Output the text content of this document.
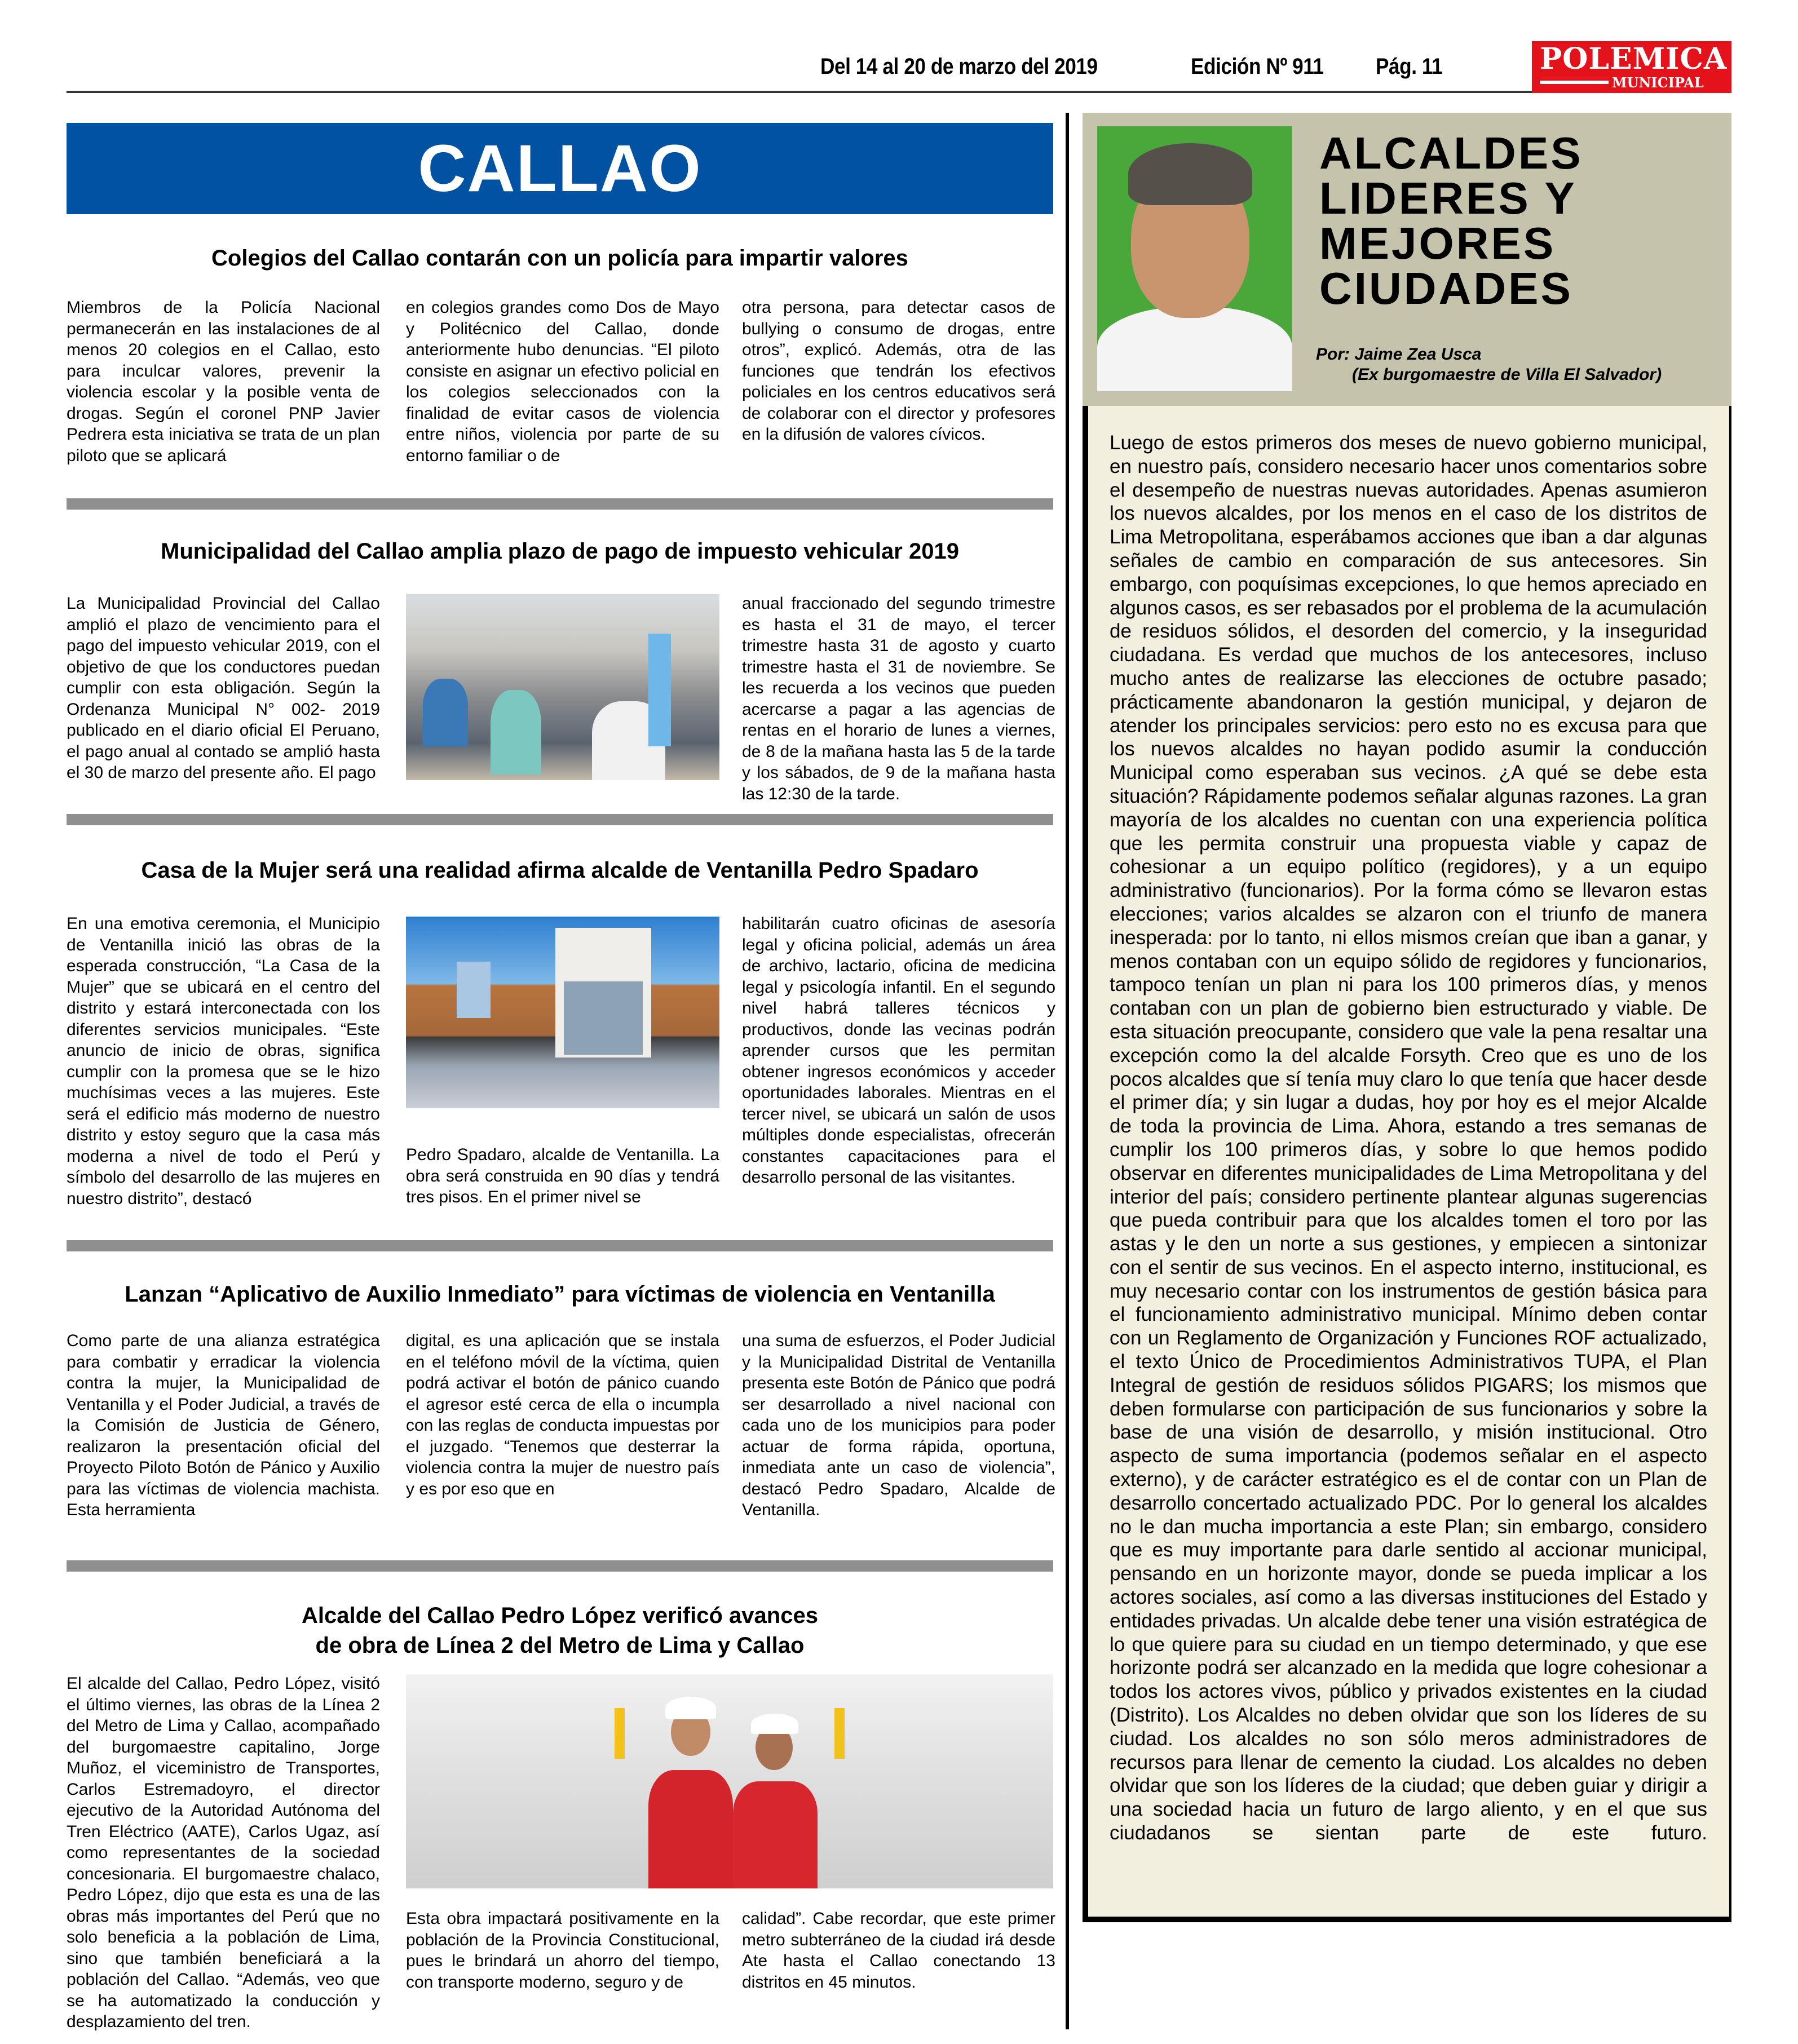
Del 14 al 20 de marzo del 2019	Edición Nº 911 Pág. 11	POLEMICA
MUNICIPAL
CALLAO
Colegios del Callao contarán con un policía para impartir valores
Miembros de la Policía Nacional permanecerán en las instalaciones de al menos 20 colegios en el Callao, esto para inculcar valores, prevenir la violencia escolar y la posible venta de drogas. Según el coronel PNP Javier Pedrera esta iniciativa se trata de un plan piloto que se aplicará
en colegios grandes como Dos de Mayo y Politécnico del Callao, donde anteriormente hubo denuncias. “El piloto consiste en asignar un efectivo policial en los colegios seleccionados con la finalidad de evitar casos de violencia entre niños, violencia por parte de su entorno familiar o de
otra persona, para detectar casos de bullying o consumo de drogas, entre otros”, explicó. Además, otra de las funciones que tendrán los efectivos policiales en los centros educativos será de colaborar con el director y profesores en la difusión de valores cívicos.
Municipalidad del Callao amplia plazo de pago de impuesto vehicular 2019
La Municipalidad Provincial del Callao amplió el plazo de vencimiento para el pago del impuesto vehicular 2019, con el objetivo de que los conductores puedan cumplir con esta obligación. Según la Ordenanza Municipal N° 002- 2019 publicado en el diario oficial El Peruano, el pago anual al contado se amplió hasta el 30 de marzo del presente año. El pago
anual fraccionado del segundo trimestre es hasta el 31 de mayo, el tercer trimestre hasta 31 de agosto y cuarto trimestre hasta el 31 de noviembre. Se les recuerda a los vecinos que pueden acercarse a pagar a las agencias de rentas en el horario de lunes a viernes, de 8 de la mañana hasta las 5 de la tarde y los sábados, de 9 de la mañana hasta las 12:30 de la tarde.
Casa de la Mujer será una realidad afirma alcalde de Ventanilla Pedro Spadaro
En una emotiva ceremonia, el Municipio de Ventanilla inició las obras de la esperada construcción, “La Casa de la Mujer” que se ubicará en el centro del distrito y estará interconectada con los diferentes servicios municipales. “Este anuncio de inicio de obras, significa cumplir con la promesa que se le hizo muchísimas veces a las mujeres. Este será el edificio más moderno de nuestro distrito y estoy seguro que la casa más moderna a nivel de todo el Perú y símbolo del desarrollo de las mujeres en nuestro distrito”, destacó
Pedro Spadaro, alcalde de Ventanilla. La obra será construida en 90 días y tendrá tres pisos. En el primer nivel se
habilitarán cuatro oficinas de asesoría legal y oficina policial, además un área de archivo, lactario, oficina de medicina legal y psicología infantil. En el segundo nivel habrá talleres técnicos y productivos, donde las vecinas podrán aprender cursos que les permitan obtener ingresos económicos y acceder oportunidades laborales. Mientras en el tercer nivel, se ubicará un salón de usos múltiples donde especialistas, ofrecerán constantes capacitaciones para el desarrollo personal de las visitantes.
Lanzan “Aplicativo de Auxilio Inmediato” para víctimas de violencia en Ventanilla
Como parte de una alianza estratégica para combatir y erradicar la violencia contra la mujer, la Municipalidad de Ventanilla y el Poder Judicial, a través de la Comisión de Justicia de Género, realizaron la presentación oficial del Proyecto Piloto Botón de Pánico y Auxilio para las víctimas de violencia machista. Esta herramienta
digital, es una aplicación que se instala en el teléfono móvil de la víctima, quien podrá activar el botón de pánico cuando el agresor esté cerca de ella o incumpla con las reglas de conducta impuestas por el juzgado. “Tenemos que desterrar la violencia contra la mujer de nuestro país y es por eso que en
una suma de esfuerzos, el Poder Judicial y la Municipalidad Distrital de Ventanilla presenta este Botón de Pánico que podrá ser desarrollado a nivel nacional con cada uno de los municipios para poder actuar de forma rápida, oportuna, inmediata ante un caso de violencia”, destacó Pedro Spadaro, Alcalde de Ventanilla.
Alcalde del Callao Pedro López verificó avances
de obra de Línea 2 del Metro de Lima y Callao
El alcalde del Callao, Pedro López, visitó el último viernes, las obras de la Línea 2 del Metro de Lima y Callao, acompañado del burgomaestre capitalino, Jorge Muñoz, el viceministro de Transportes, Carlos Estremadoyro, el director ejecutivo de la Autoridad Autónoma del Tren Eléctrico (AATE), Carlos Ugaz, así como representantes de la sociedad concesionaria. El burgomaestre chalaco, Pedro López, dijo que esta es una de las obras más importantes del Perú que no solo beneficia a la población de Lima, sino que también beneficiará a la población del Callao. “Además, veo que se ha automatizado la conducción y desplazamiento del tren.
Esta obra impactará positivamente en la población de la Provincia Constitucional, pues le brindará un ahorro del tiempo, con transporte moderno, seguro y de
calidad”. Cabe recordar, que este primer metro subterráneo de la ciudad irá desde Ate hasta el Callao conectando 13 distritos en 45 minutos.
ALCALDES
LIDERES Y
MEJORES
CIUDADES
Por: Jaime Zea Usca
(Ex burgomaestre de Villa El Salvador)
Luego de estos primeros dos meses de nuevo gobierno municipal, en nuestro país, considero necesario hacer unos comentarios sobre el desempeño de nuestras nuevas autoridades. Apenas asumieron los nuevos alcaldes, por los menos en el caso de los distritos de Lima Metropolitana, esperábamos acciones que iban a dar algunas señales de cambio en comparación de sus antecesores. Sin embargo, con poquísimas excepciones, lo que hemos apreciado en algunos casos, es ser rebasados por el problema de la acumulación de residuos sólidos, el desorden del comercio, y la inseguridad ciudadana. Es verdad que muchos de los antecesores, incluso mucho antes de realizarse las elecciones de octubre pasado; prácticamente abandonaron la gestión municipal, y dejaron de atender los principales servicios: pero esto no es excusa para que los nuevos alcaldes no hayan podido asumir la conducción Municipal como esperaban sus vecinos. ¿A qué se debe esta situación? Rápidamente podemos señalar algunas razones. La gran mayoría de los alcaldes no cuentan con una experiencia política que les permita construir una propuesta viable y capaz de cohesionar a un equipo político (regidores), y a un equipo administrativo (funcionarios). Por la forma cómo se llevaron estas elecciones; varios alcaldes se alzaron con el triunfo de manera inesperada: por lo tanto, ni ellos mismos creían que iban a ganar, y menos contaban con un equipo sólido de regidores y funcionarios, tampoco tenían un plan ni para los 100 primeros días, y menos contaban con un plan de gobierno bien estructurado y viable. De esta situación preocupante, considero que vale la pena resaltar una excepción como la del alcalde Forsyth. Creo que es uno de los pocos alcaldes que sí tenía muy claro lo que tenía que hacer desde el primer día; y sin lugar a dudas, hoy por hoy es el mejor Alcalde de toda la provincia de Lima. Ahora, estando a tres semanas de cumplir los 100 primeros días, y sobre lo que hemos podido observar en diferentes municipalidades de Lima Metropolitana y del interior del país; considero pertinente plantear algunas sugerencias que pueda contribuir para que los alcaldes tomen el toro por las astas y le den un norte a sus gestiones, y empiecen a sintonizar con el sentir de sus vecinos. En el aspecto interno, institucional, es muy necesario contar con los instrumentos de gestión básica para el funcionamiento administrativo municipal. Mínimo deben contar con un Reglamento de Organización y Funciones ROF actualizado, el texto Único de Procedimientos Administrativos TUPA, el Plan Integral de gestión de residuos sólidos PIGARS; los mismos que deben formularse con participación de sus funcionarios y sobre la base de una visión de desarrollo, y misión institucional. Otro aspecto de suma importancia (podemos señalar en el aspecto externo), y de carácter estratégico es el de contar con un Plan de desarrollo concertado actualizado PDC. Por lo general los alcaldes no le dan mucha importancia a este Plan; sin embargo, considero que es muy importante para darle sentido al accionar municipal, pensando en un horizonte mayor, donde se pueda implicar a los actores sociales, así como a las diversas instituciones del Estado y entidades privadas. Un alcalde debe tener una visión estratégica de lo que quiere para su ciudad en un tiempo determinado, y que ese horizonte podrá ser alcanzado en la medida que logre cohesionar a todos los actores vivos, público y privados existentes en la ciudad (Distrito). Los Alcaldes no deben olvidar que son los líderes de su ciudad. Los alcaldes no son sólo meros administradores de recursos para llenar de cemento la ciudad. Los alcaldes no deben olvidar que son los líderes de la ciudad; que deben guiar y dirigir a una sociedad hacia un futuro de largo aliento, y en el que sus ciudadanos se sientan parte de este futuro.
